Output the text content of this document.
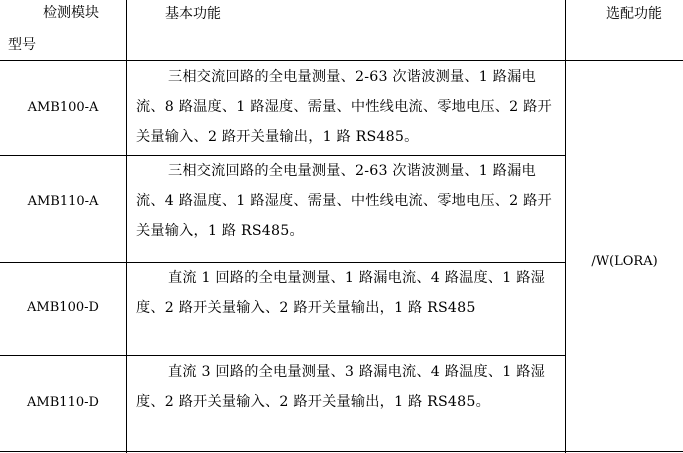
检测模块
型号
基本功能	选配功能
AMB100-A

三相交流回路的全电量测量、2-63 次谐波测量、1 路漏电流、8 路温度、1 路湿度、需量、中性线电流、零地电压、2 路开关量输入、2 路开关量输出，1 路 RS485。

AMB110-A

三相交流回路的全电量测量、2-63 次谐波测量、1 路漏电流、4 路温度、1 路湿度、需量、中性线电流、零地电压、2 路开关量输入，1 路 RS485。

AMB100-D

直流 1 回路的全电量测量、1 路漏电流、4 路温度、1 路湿度、2 路开关量输入、2 路开关量输出，1 路 RS485

AMB110-D

直流 3 回路的全电量测量、3 路漏电流、4 路温度、1 路湿度、2 路开关量输入、2 路开关量输出，1 路 RS485。

/W(LORA)
